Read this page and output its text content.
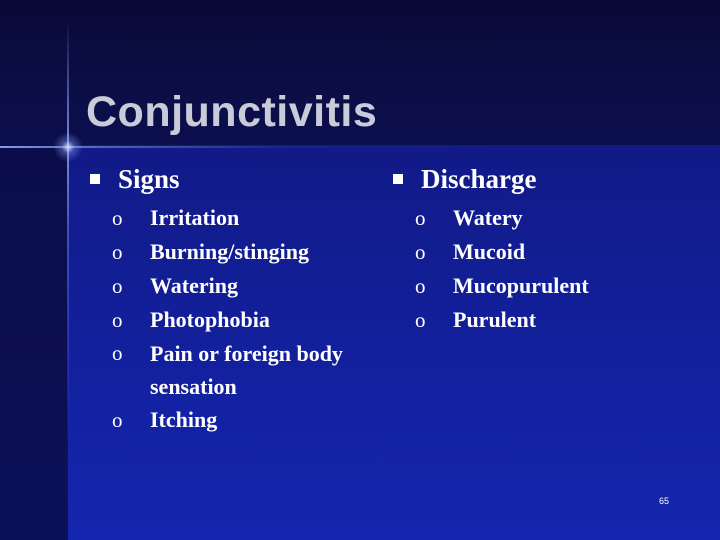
Conjunctivitis
Signs
o Irritation
o Burning/stinging
o Watering
o Photophobia
o Pain or foreign body sensation
o Itching
Discharge
o Watery
o Mucoid
o Mucopurulent
o Purulent
65
